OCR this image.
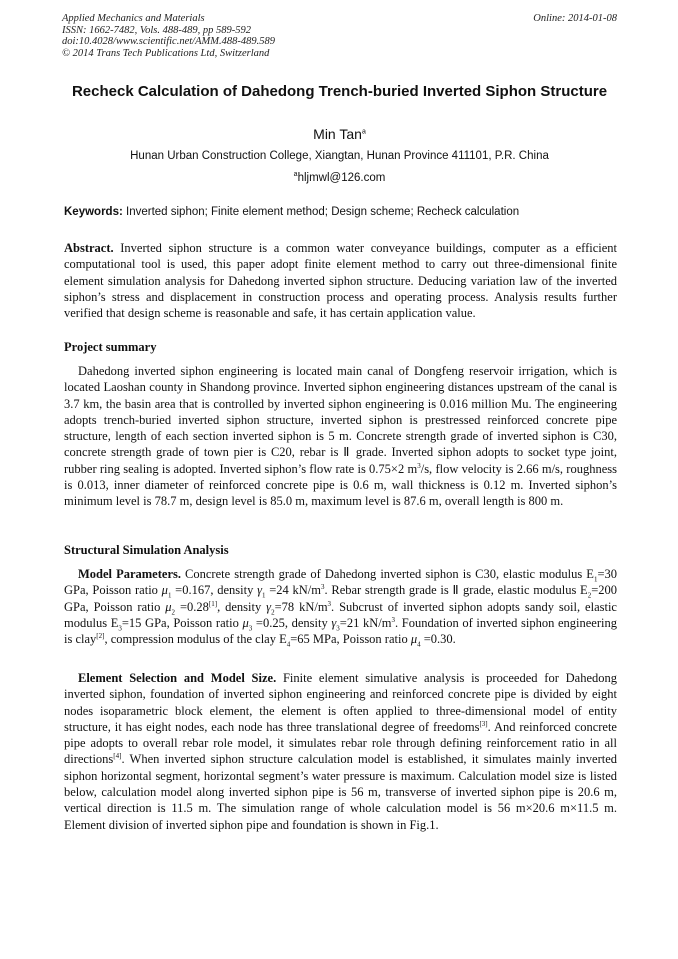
Applied Mechanics and Materials
ISSN: 1662-7482, Vols. 488-489, pp 589-592
doi:10.4028/www.scientific.net/AMM.488-489.589
© 2014 Trans Tech Publications Ltd, Switzerland
Online: 2014-01-08
Recheck Calculation of Dahedong Trench-buried Inverted Siphon Structure
Min Tan$^a$
Hunan Urban Construction College, Xiangtan, Hunan Province 411101, P.R. China
$^a$hljmwl@126.com
Keywords: Inverted siphon; Finite element method; Design scheme; Recheck calculation
Abstract. Inverted siphon structure is a common water conveyance buildings, computer as a efficient computational tool is used, this paper adopt finite element method to carry out three-dimensional finite element simulation analysis for Dahedong inverted siphon structure. Deducing variation law of the inverted siphon’s stress and displacement in construction process and operating process. Analysis results further verified that design scheme is reasonable and safe, it has certain application value.
Project summary
Dahedong inverted siphon engineering is located main canal of Dongfeng reservoir irrigation, which is located Laoshan county in Shandong province. Inverted siphon engineering distances upstream of the canal is 3.7 km, the basin area that is controlled by inverted siphon engineering is 0.016 million Mu. The engineering adopts trench-buried inverted siphon structure, inverted siphon is prestressed reinforced concrete pipe structure, length of each section inverted siphon is 5 m. Concrete strength grade of inverted siphon is C30, concrete strength grade of town pier is C20, rebar is Ⅱ grade. Inverted siphon adopts to socket type joint, rubber ring sealing is adopted. Inverted siphon’s flow rate is 0.75×2 $m^3/s$, flow velocity is 2.66 m/s, roughness is 0.013, inner diameter of reinforced concrete pipe is 0.6 m, wall thickness is 0.12 m. Inverted siphon’s minimum level is 78.7 m, design level is 85.0 m, maximum level is 87.6 m, overall length is 800 m.
Structural Simulation Analysis
Model Parameters. Concrete strength grade of Dahedong inverted siphon is C30, elastic modulus $E_1=30$ GPa, Poisson ratio $\mu_1 =0.167$, density $\gamma_1 =24$ $kN/m^3$. Rebar strength grade is Ⅱ grade, elastic modulus $E_2=200$ GPa, Poisson ratio $\mu_2 =0.28[1]$, density $\gamma_2=78$ $kN/m^3$. Subcrust of inverted siphon adopts sandy soil, elastic modulus $E_3=15$ GPa, Poisson ratio $\mu_3 =0.25$, density $\gamma_3=21$ $kN/m^3$. Foundation of inverted siphon engineering is clay[2], compression modulus of the clay $E_4=65$ MPa, Poisson ratio $\mu_4 =0.30$.
Element Selection and Model Size. Finite element simulative analysis is proceeded for Dahedong inverted siphon, foundation of inverted siphon engineering and reinforced concrete pipe is divided by eight nodes isoparametric block element, the element is often applied to three-dimensional model of entity structure, it has eight nodes, each node has three translational degree of freedoms[3]. And reinforced concrete pipe adopts to overall rebar role model, it simulates rebar role through defining reinforcement ratio in all directions[4]. When inverted siphon structure calculation model is established, it simulates mainly inverted siphon horizontal segment, horizontal segment’s water pressure is maximum. Calculation model size is listed below, calculation model along inverted siphon pipe is 56 m, transverse of inverted siphon pipe is 20.6 m, vertical direction is 11.5 m. The simulation range of whole calculation model is 56 m×20.6 m×11.5 m. Element division of inverted siphon pipe and foundation is shown in Fig.1.
